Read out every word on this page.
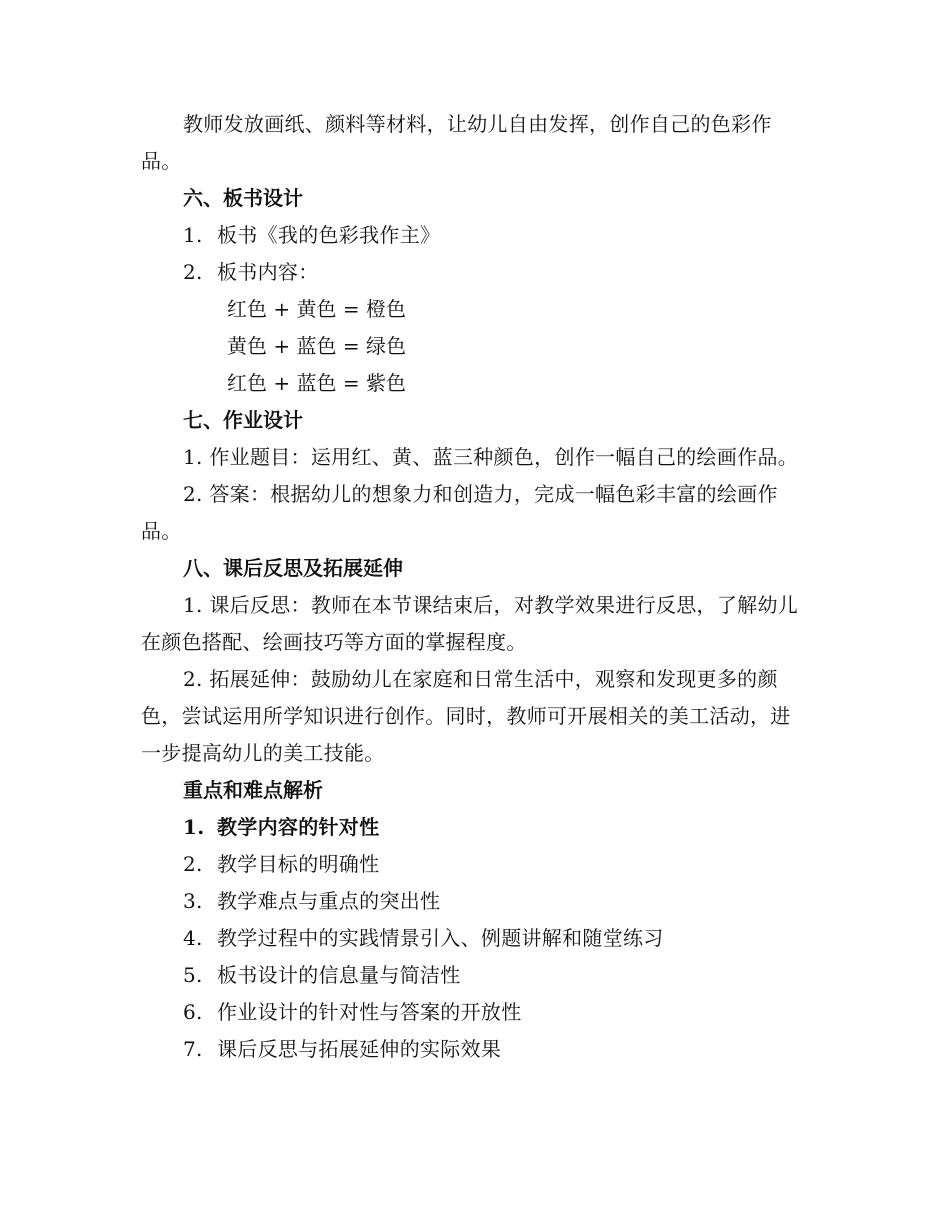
教师发放画纸、颜料等材料，让幼儿自由发挥，创作自己的色彩作品。

六、板书设计

1. 板书《我的色彩我作主》

2. 板书内容：

红色 + 黄色 = 橙色

黄色 + 蓝色 = 绿色

红色 + 蓝色 = 紫色

七、作业设计

1. 作业题目：运用红、黄、蓝三种颜色，创作一幅自己的绘画作品。

2. 答案：根据幼儿的想象力和创造力，完成一幅色彩丰富的绘画作品。

八、课后反思及拓展延伸

1. 课后反思：教师在本节课结束后，对教学效果进行反思，了解幼儿在颜色搭配、绘画技巧等方面的掌握程度。

2. 拓展延伸：鼓励幼儿在家庭和日常生活中，观察和发现更多的颜色，尝试运用所学知识进行创作。同时，教师可开展相关的美工活动，进一步提高幼儿的美工技能。

重点和难点解析

1. 教学内容的针对性

2. 教学目标的明确性

3. 教学难点与重点的突出性

4. 教学过程中的实践情景引入、例题讲解和随堂练习

5. 板书设计的信息量与简洁性

6. 作业设计的针对性与答案的开放性

7. 课后反思与拓展延伸的实际效果
